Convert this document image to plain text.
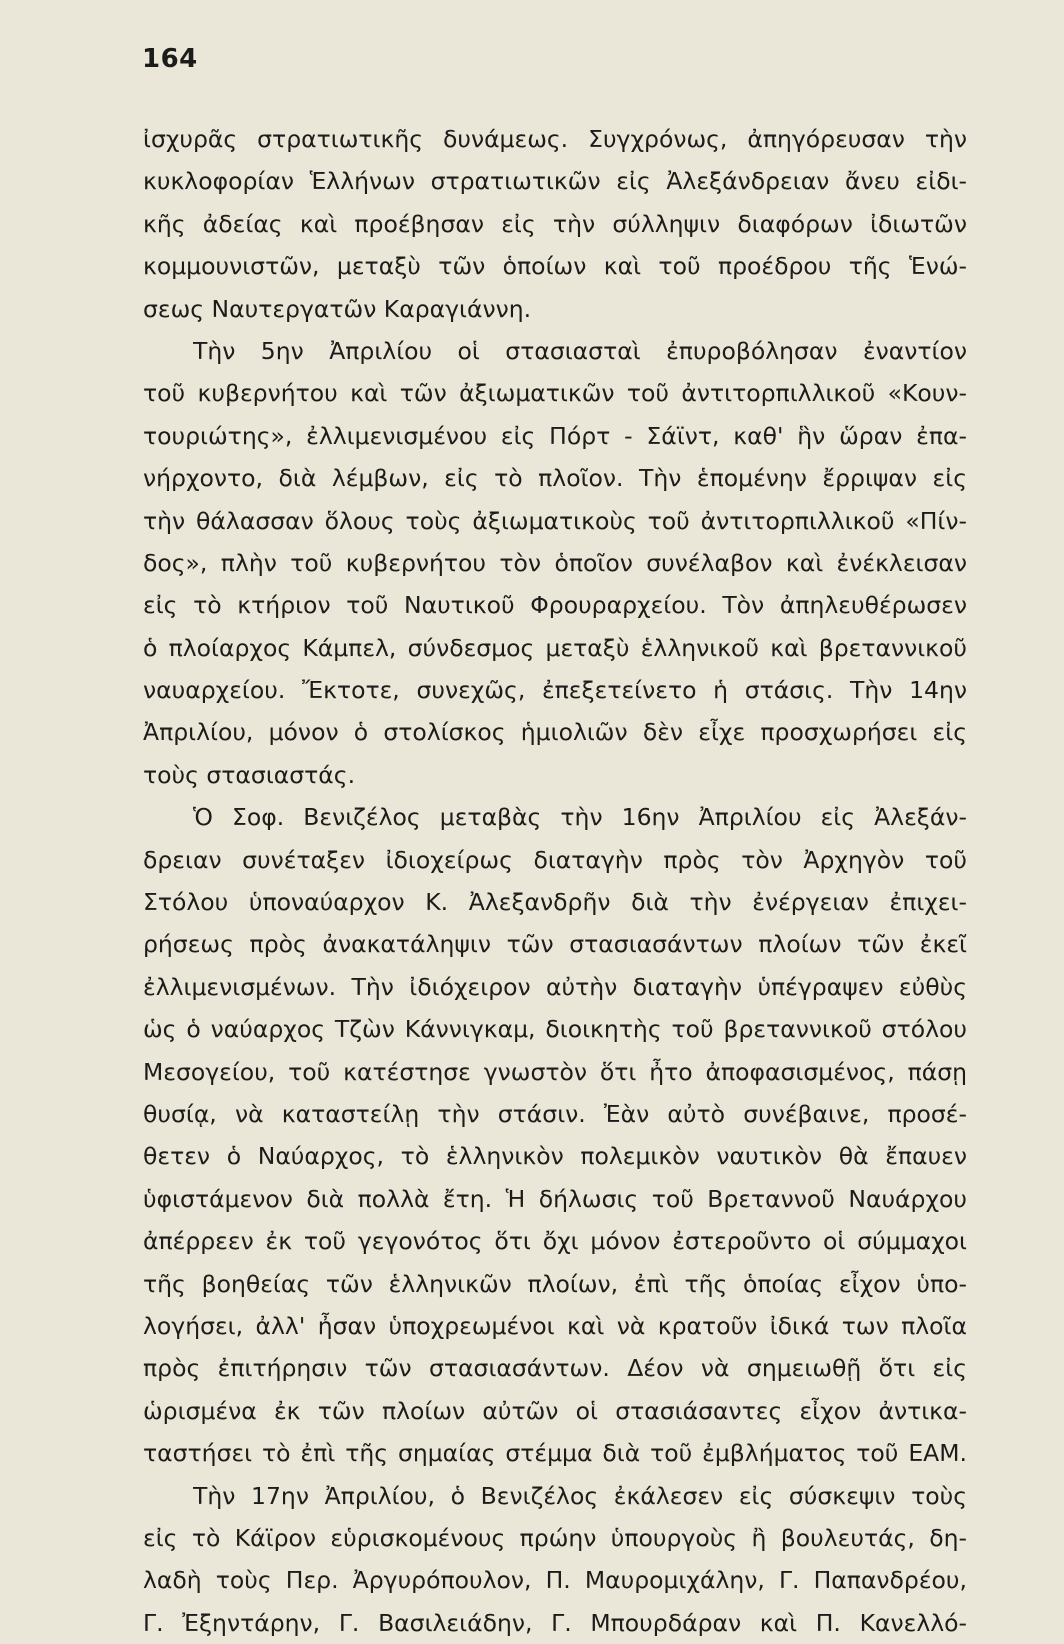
164
ἰσχυρᾶς στρατιωτικῆς δυνάμεως. Συγχρόνως, ἀπηγόρευσαν τὴν
κυκλοφορίαν Ἑλλήνων στρατιωτικῶν εἰς Ἀλεξάνδρειαν ἄνευ εἰδι-
κῆς ἀδείας καὶ προέβησαν εἰς τὴν σύλληψιν διαφόρων ἰδιωτῶν
κομμουνιστῶν, μεταξὺ τῶν ὁποίων καὶ τοῦ προέδρου τῆς Ἑνώ-
σεως Ναυτεργατῶν Καραγιάννη.
Τὴν 5ην Ἀπριλίου οἱ στασιασταὶ ἐπυροβόλησαν ἐναντίον
τοῦ κυβερνήτου καὶ τῶν ἀξιωματικῶν τοῦ ἀντιτορπιλλικοῦ «Κουν-
τουριώτης», ἐλλιμενισμένου εἰς Πόρτ - Σάϊντ, καθ' ἣν ὥραν ἐπα-
νήρχοντο, διὰ λέμβων, εἰς τὸ πλοῖον. Τὴν ἑπομένην ἔρριψαν εἰς
τὴν θάλασσαν ὅλους τοὺς ἀξιωματικοὺς τοῦ ἀντιτορπιλλικοῦ «Πίν-
δος», πλὴν τοῦ κυβερνήτου τὸν ὁποῖον συνέλαβον καὶ ἐνέκλεισαν
εἰς τὸ κτήριον τοῦ Ναυτικοῦ Φρουραρχείου. Τὸν ἀπηλευθέρωσεν
ὁ πλοίαρχος Κάμπελ, σύνδεσμος μεταξὺ ἑλληνικοῦ καὶ βρεταννικοῦ
ναυαρχείου. Ἔκτοτε, συνεχῶς, ἐπεξετείνετο ἡ στάσις. Τὴν 14ην
Ἀπριλίου, μόνον ὁ στολίσκος ἡμιολιῶν δὲν εἶχε προσχωρήσει εἰς
τοὺς στασιαστάς.
Ὁ Σοφ. Βενιζέλος μεταβὰς τὴν 16ην Ἀπριλίου εἰς Ἀλεξάν-
δρειαν συνέταξεν ἰδιοχείρως διαταγὴν πρὸς τὸν Ἀρχηγὸν τοῦ
Στόλου ὑποναύαρχον Κ. Ἀλεξανδρῆν διὰ τὴν ἐνέργειαν ἐπιχει-
ρήσεως πρὸς ἀνακατάληψιν τῶν στασιασάντων πλοίων τῶν ἐκεῖ
ἐλλιμενισμένων. Τὴν ἰδιόχειρον αὐτὴν διαταγὴν ὑπέγραψεν εὐθὺς
ὡς ὁ ναύαρχος Τζὼν Κάννιγκαμ, διοικητὴς τοῦ βρεταννικοῦ στόλου
Μεσογείου, τοῦ κατέστησε γνωστὸν ὅτι ἦτο ἀποφασισμένος, πάσῃ
θυσίᾳ, νὰ καταστείλῃ τὴν στάσιν. Ἐὰν αὐτὸ συνέβαινε, προσέ-
θετεν ὁ Ναύαρχος, τὸ ἑλληνικὸν πολεμικὸν ναυτικὸν θὰ ἔπαυεν
ὑφιστάμενον διὰ πολλὰ ἔτη. Ἡ δήλωσις τοῦ Βρεταννοῦ Ναυάρχου
ἀπέρρεεν ἐκ τοῦ γεγονότος ὅτι ὄχι μόνον ἐστεροῦντο οἱ σύμμαχοι
τῆς βοηθείας τῶν ἑλληνικῶν πλοίων, ἐπὶ τῆς ὁποίας εἶχον ὑπο-
λογήσει, ἀλλ' ἦσαν ὑποχρεωμένοι καὶ νὰ κρατοῦν ἰδικά των πλοῖα
πρὸς ἐπιτήρησιν τῶν στασιασάντων. Δέον νὰ σημειωθῇ ὅτι εἰς
ὡρισμένα ἐκ τῶν πλοίων αὐτῶν οἱ στασιάσαντες εἶχον ἀντικα-
ταστήσει τὸ ἐπὶ τῆς σημαίας στέμμα διὰ τοῦ ἐμβλήματος τοῦ ΕΑΜ.
Τὴν 17ην Ἀπριλίου, ὁ Βενιζέλος ἐκάλεσεν εἰς σύσκεψιν τοὺς
εἰς τὸ Κάϊρον εὑρισκομένους πρώην ὑπουργοὺς ἢ βουλευτάς, δη-
λαδὴ τοὺς Περ. Ἀργυρόπουλον, Π. Μαυρομιχάλην, Γ. Παπανδρέου,
Γ. Ἐξηντάρην, Γ. Βασιλειάδην, Γ. Μπουρδάραν καὶ Π. Κανελλό-
